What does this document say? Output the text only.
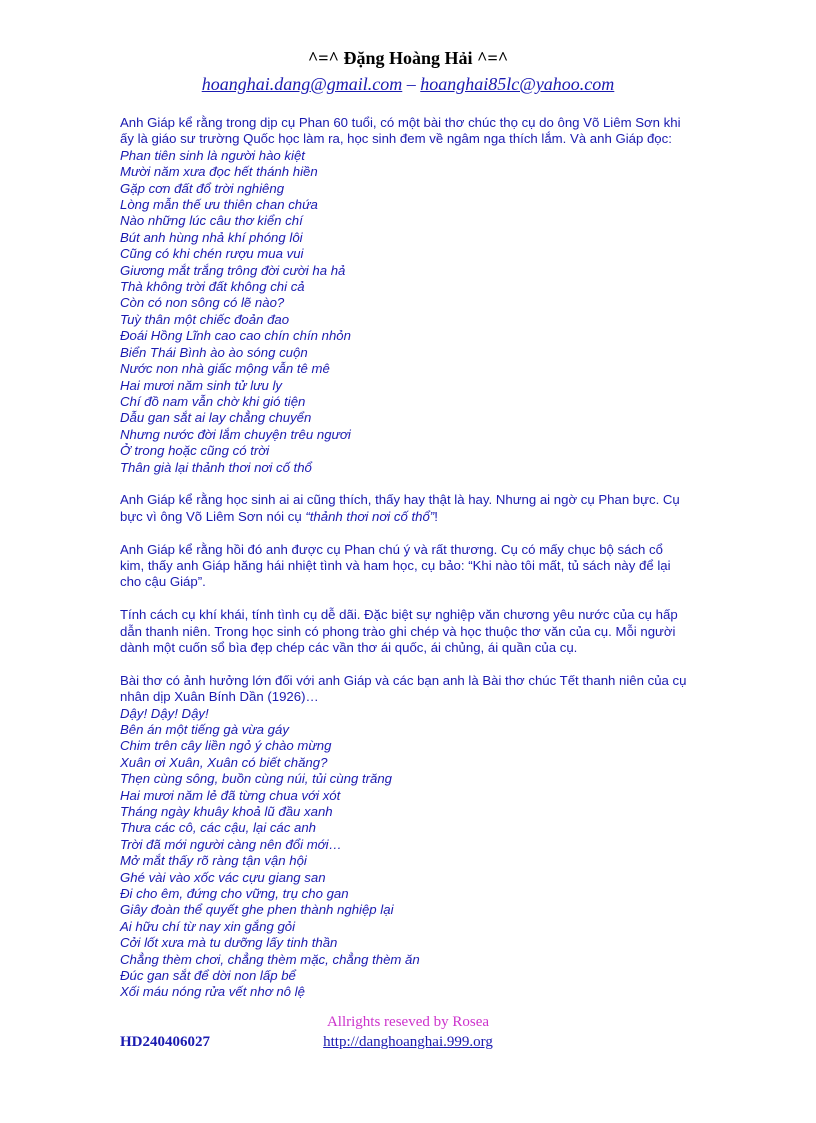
^=^ Đặng Hoàng Hải ^=^
hoanghai.dang@gmail.com – hoanghai85lc@yahoo.com
Anh Giáp kể rằng trong dịp cụ Phan 60 tuổi, có một bài thơ chúc thọ cụ do ông Võ Liêm Sơn khi
ấy là giáo sư trường Quốc học làm ra, học sinh đem về ngâm nga thích lắm. Và anh Giáp đọc:
Phan tiên sinh là người hào kiệt
Mười năm xưa đọc hết thánh hiền
Gặp cơn đất đổ trời nghiêng
Lòng mẫn thế ưu thiên chan chứa
Nào những lúc câu thơ kiển chí
Bút anh hùng nhả khí phóng lôi
Cũng có khi chén rượu mua vui
Giương mắt trắng trông đời cười ha hả
Thà không trời đất không chi cả
Còn có non sông có lẽ nào?
Tuỳ thân một chiếc đoản đao
Đoái Hồng Lĩnh cao cao chín chín nhỏn
Biển Thái Bình ào ào sóng cuộn
Nước non nhà giấc mộng vẫn tê mê
Hai mươi năm sinh tử lưu ly
Chí đồ nam vẫn chờ khi gió tiện
Dẫu gan sắt ai lay chẳng chuyển
Nhưng nước đời lắm chuyện trêu ngươi
Ở trong hoặc cũng có trời
Thân già lại thảnh thơi nơi cố thổ
Anh Giáp kể rằng học sinh ai ai cũng thích, thấy hay thật là hay. Nhưng ai ngờ cụ Phan bực. Cụ
bực vì ông Võ Liêm Sơn nói cụ “thảnh thơi nơi cố thổ”!
Anh Giáp kể rằng hồi đó anh được cụ Phan chú ý và rất thương. Cụ có mấy chục bộ sách cổ
kim, thấy anh Giáp hăng hái nhiệt tình và ham học, cụ bảo: “Khi nào tôi mất, tủ sách này để lại
cho cậu Giáp”.
Tính cách cụ khí khái, tính tình cụ dễ dãi. Đặc biệt sự nghiệp văn chương yêu nước của cụ hấp
dẫn thanh niên. Trong học sinh có phong trào ghi chép và học thuộc thơ văn của cụ. Mỗi người
dành một cuốn sổ bìa đẹp chép các vần thơ ái quốc, ái chủng, ái quần của cụ.
Bài thơ có ảnh hưởng lớn đối với anh Giáp và các bạn anh là Bài thơ chúc Tết thanh niên của cụ
nhân dịp Xuân Bính Dần (1926)…
Dậy! Dậy! Dậy!
Bên án một tiếng gà vừa gáy
Chim trên cây liền ngỏ ý chào mừng
Xuân ơi Xuân, Xuân có biết chăng?
Thẹn cùng sông, buồn cùng núi, tủi cùng trăng
Hai mươi năm lẻ đã từng chua với xót
Tháng ngày khuây khoả lũ đầu xanh
Thưa các cô, các cậu, lại các anh
Trời đã mới người càng nên đổi mới…
Mở mắt thấy rõ ràng tận vận hội
Ghé vài vào xốc vác cựu giang san
Đi cho êm, đứng cho vững, trụ cho gan
Giây đoàn thể quyết ghe phen thành nghiệp lại
Ai hữu chí từ nay xin gắng gỏi
Cởi lốt xưa mà tu dưỡng lấy tinh thần
Chẳng thèm chơi, chẳng thèm mặc, chẳng thèm ăn
Đúc gan sắt để dời non lấp bể
Xối máu nóng rửa vết nhơ nô lệ
Allrights reseved by Rosea
HD240406027	http://danghoanghai.999.org
